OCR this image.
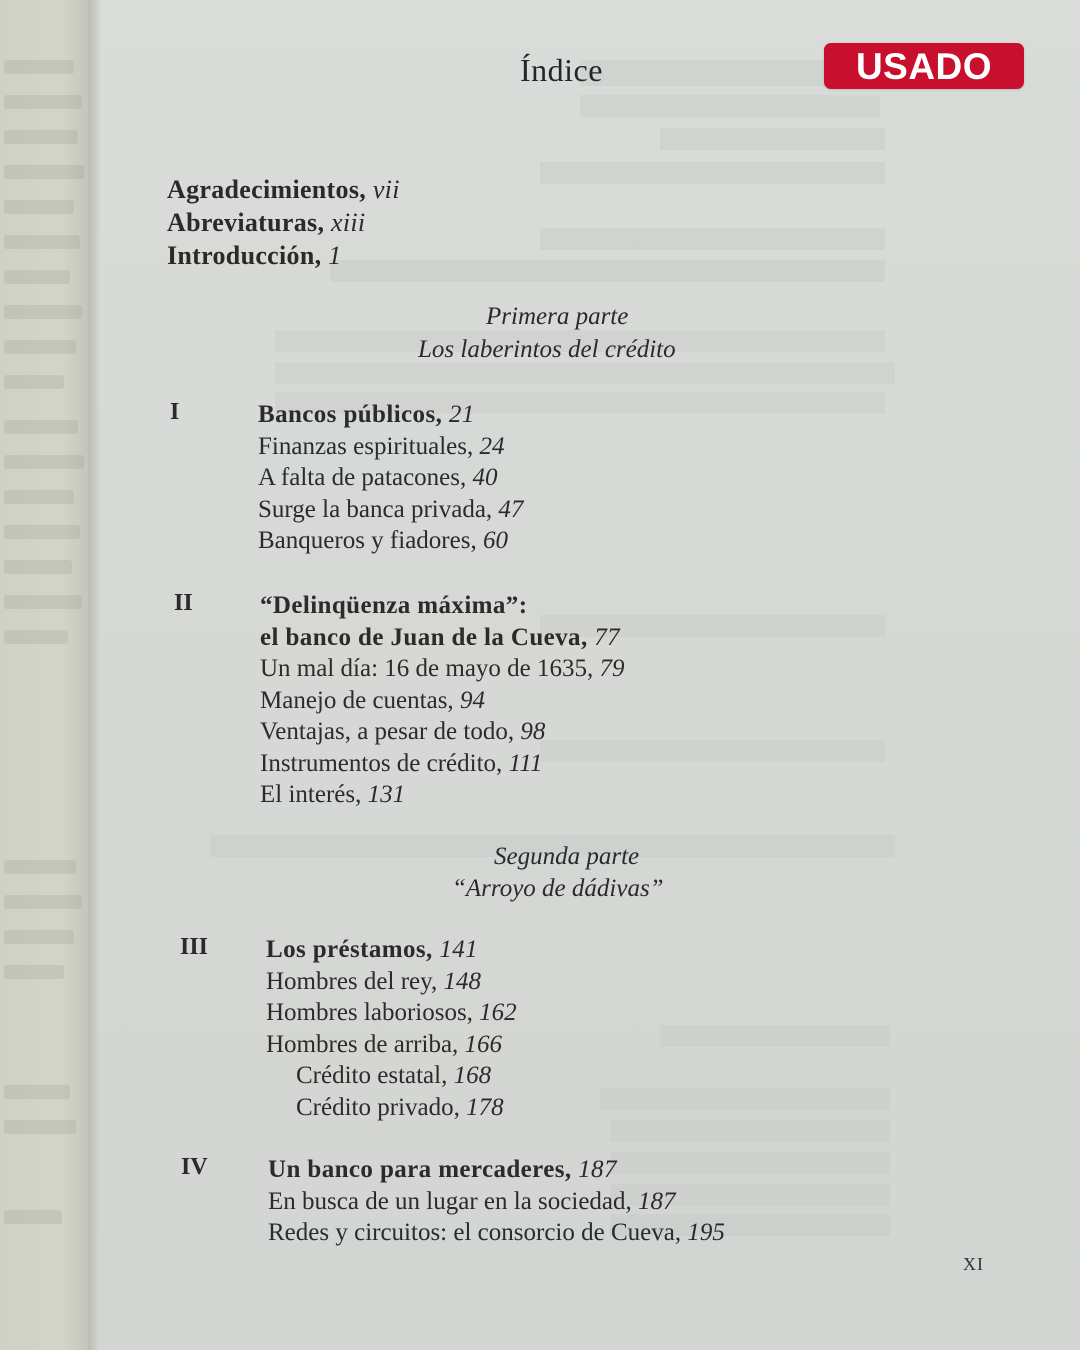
Índice	USADO
Agradecimientos, vii
Abreviaturas, xiii
Introducción, 1
Primera parte
Los laberintos del crédito
I	Bancos públicos, 21
Finanzas espirituales, 24
A falta de patacones, 40
Surge la banca privada, 47
Banqueros y fiadores, 60
II	“Delinqüenza máxima”:
el banco de Juan de la Cueva, 77
Un mal día: 16 de mayo de 1635, 79
Manejo de cuentas, 94
Ventajas, a pesar de todo, 98
Instrumentos de crédito, 111
El interés, 131
Segunda parte
“Arroyo de dádivas”
III Los préstamos, 141
Hombres del rey, 148
Hombres laboriosos, 162
Hombres de arriba, 166
Crédito estatal, 168
Crédito privado, 178
IV Un banco para mercaderes, 187
En busca de un lugar en la sociedad, 187
Redes y circuitos: el consorcio de Cueva, 195
XI
